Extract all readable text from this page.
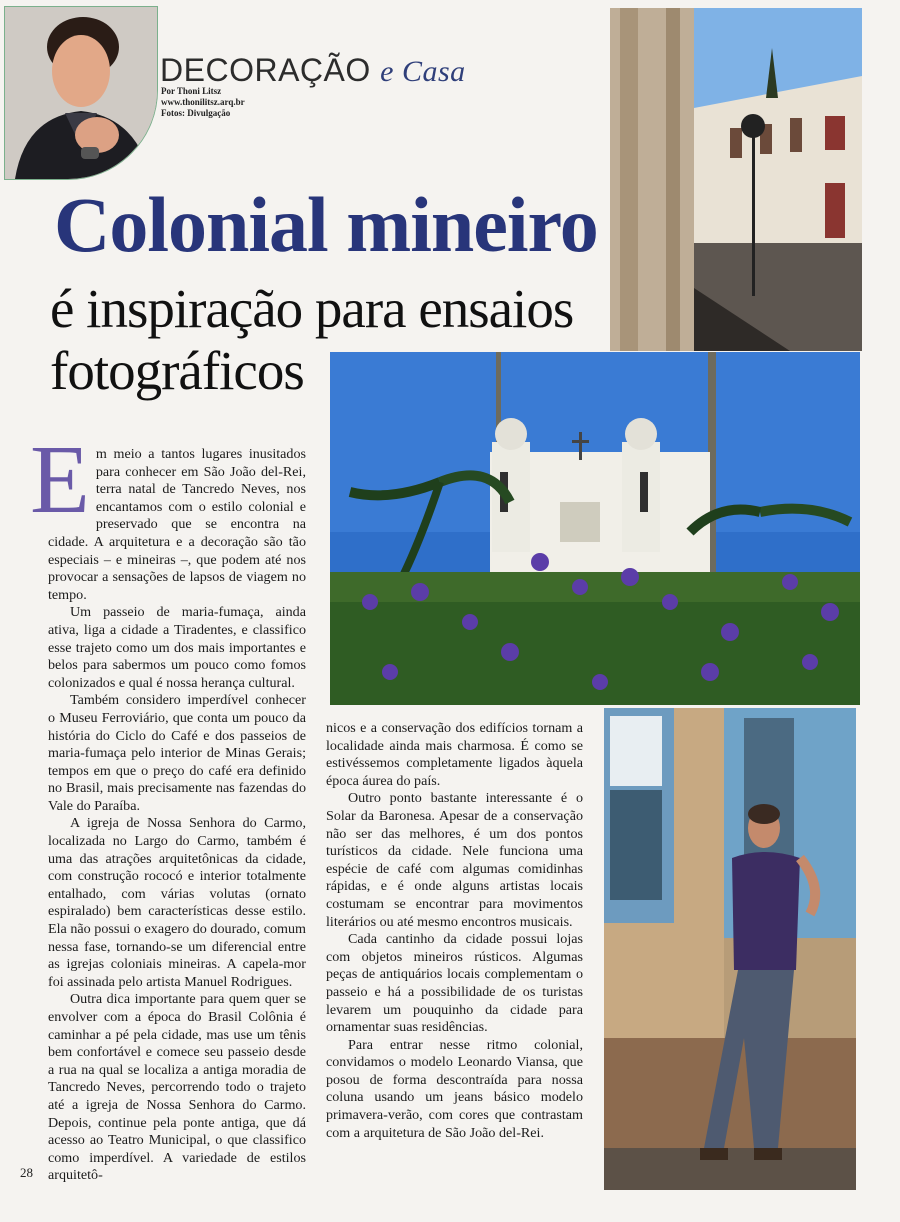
DECORAÇÃO e Casa
Por Thoni Litsz
www.thonilitsz.arq.br
Fotos: Divulgação
Colonial mineiro
é inspiração para ensaios fotográficos

Em meio a tantos lugares inusitados para conhecer em São João del-Rei, terra natal de Tancredo Neves, nos encantamos com o estilo colonial e preservado que se encontra na cidade. A arquitetura e a decoração são tão especiais – e mineiras –, que podem até nos provocar a sensações de lapsos de viagem no tempo.

Um passeio de maria-fumaça, ainda ativa, liga a cidade a Tiradentes, e classifico esse trajeto como um dos mais importantes e belos para sabermos um pouco como fomos colonizados e qual é nossa herança cultural.

Também considero imperdível conhecer o Museu Ferroviário, que conta um pouco da história do Ciclo do Café e dos passeios de maria-fumaça pelo interior de Minas Gerais; tempos em que o preço do café era definido no Brasil, mais precisamente nas fazendas do Vale do Paraíba.

A igreja de Nossa Senhora do Carmo, localizada no Largo do Carmo, também é uma das atrações arquitetônicas da cidade, com construção rococó e interior totalmente entalhado, com várias volutas (ornato espiralado) bem características desse estilo. Ela não possui o exagero do dourado, comum nessa fase, tornando-se um diferencial entre as igrejas coloniais mineiras. A capela-mor foi assinada pelo artista Manuel Rodrigues.

Outra dica importante para quem quer se envolver com a época do Brasil Colônia é caminhar a pé pela cidade, mas use um tênis bem confortável e comece seu passeio desde a rua na qual se localiza a antiga moradia de Tancredo Neves, percorrendo todo o trajeto até a igreja de Nossa Senhora do Carmo. Depois, continue pela ponte antiga, que dá acesso ao Teatro Municipal, o que classifico como imperdível. A variedade de estilos arquitetô-

nicos e a conservação dos edifícios tornam a localidade ainda mais charmosa. É como se estivéssemos completamente ligados àquela época áurea do país.

Outro ponto bastante interessante é o Solar da Baronesa. Apesar de a conservação não ser das melhores, é um dos pontos turísticos da cidade. Nele funciona uma espécie de café com algumas comidinhas rápidas, e é onde alguns artistas locais costumam se encontrar para movimentos literários ou até mesmo encontros musicais.

Cada cantinho da cidade possui lojas com objetos mineiros rústicos. Algumas peças de antiquários locais complementam o passeio e há a possibilidade de os turistas levarem um pouquinho da cidade para ornamentar suas residências.

Para entrar nesse ritmo colonial, convidamos o modelo Leonardo Viansa, que posou de forma descontraída para nossa coluna usando um jeans básico modelo primavera-verão, com cores que contrastam com a arquitetura de São João del-Rei.

28
